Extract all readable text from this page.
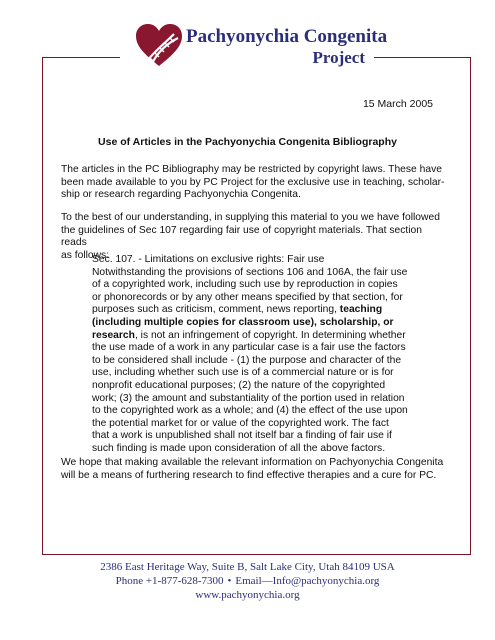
Pachyonychia Congenita
Project
15 March 2005
Use of Articles in the Pachyonychia Congenita Bibliography
The articles in the PC Bibliography may be restricted by copyright laws. These have
been made available to you by PC Project for the exclusive use in teaching, scholar-
ship or research regarding Pachyonychia Congenita.
To the best of our understanding, in supplying this material to you we have followed
the guidelines of Sec 107 regarding fair use of copyright materials. That section reads
as follows:
Sec. 107. - Limitations on exclusive rights: Fair use
Notwithstanding the provisions of sections 106 and 106A, the fair use
of a copyrighted work, including such use by reproduction in copies
or phonorecords or by any other means specified by that section, for
purposes such as criticism, comment, news reporting, teaching
(including multiple copies for classroom use), scholarship, or
research, is not an infringement of copyright. In determining whether
the use made of a work in any particular case is a fair use the factors
to be considered shall include - (1) the purpose and character of the
use, including whether such use is of a commercial nature or is for
nonprofit educational purposes; (2) the nature of the copyrighted
work; (3) the amount and substantiality of the portion used in relation
to the copyrighted work as a whole; and (4) the effect of the use upon
the potential market for or value of the copyrighted work. The fact
that a work is unpublished shall not itself bar a finding of fair use if
such finding is made upon consideration of all the above factors.
We hope that making available the relevant information on Pachyonychia Congenita
will be a means of furthering research to find effective therapies and a cure for PC.
2386 East Heritage Way, Suite B, Salt Lake City, Utah 84109 USA
Phone +1-877-628-7300 • Email—Info@pachyonychia.org
www.pachyonychia.org
